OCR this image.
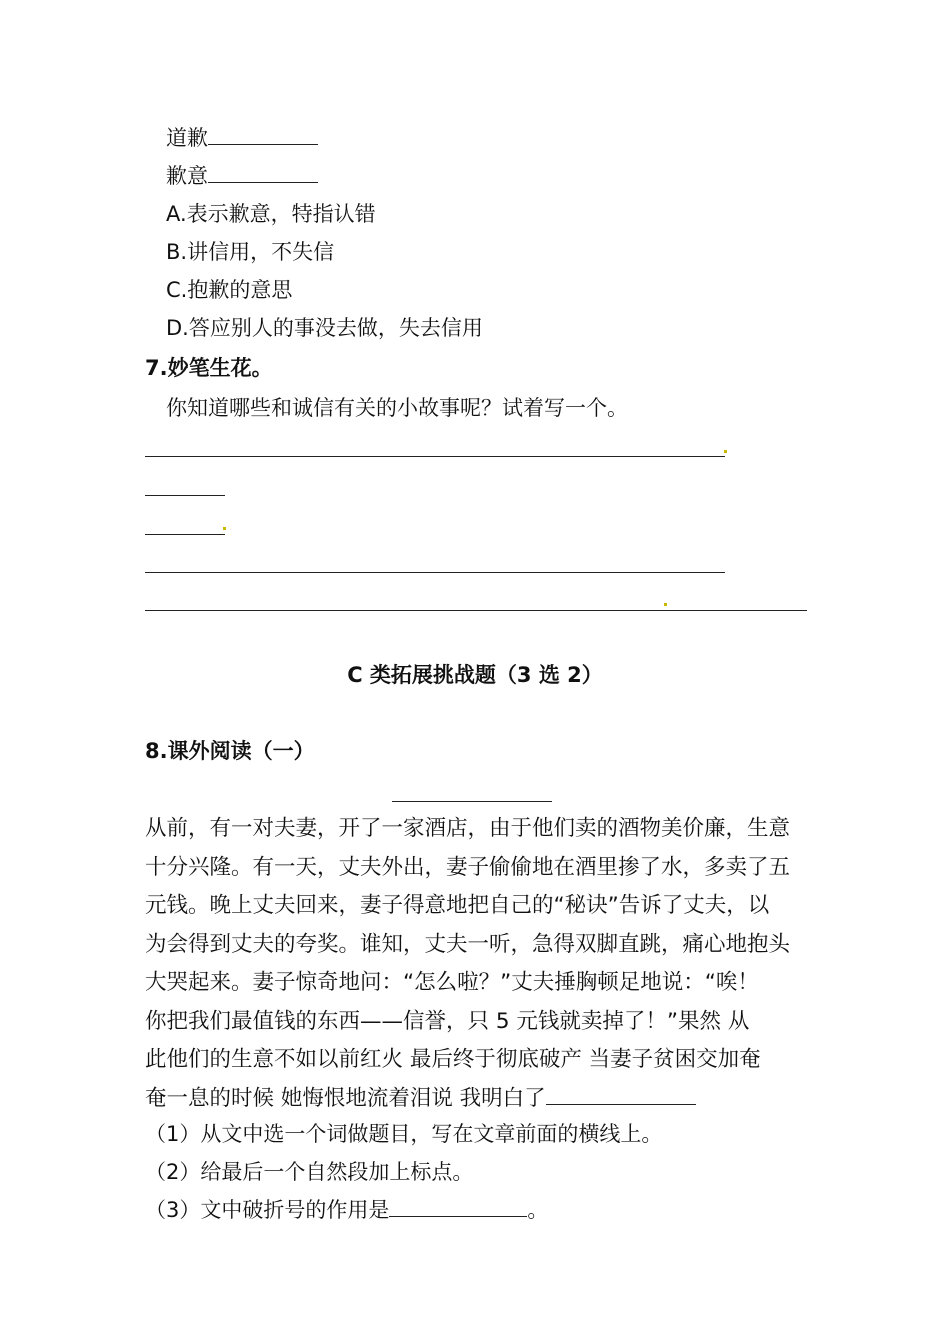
道歉
歉意
A.表示歉意，特指认错
B.讲信用，不失信
C.抱歉的意思
D.答应别人的事没去做，失去信用
7.妙笔生花。
你知道哪些和诚信有关的小故事呢？试着写一个。
C 类拓展挑战题（3 选 2）
8.课外阅读（一）
从前，有一对夫妻，开了一家酒店，由于他们卖的酒物美价廉，生意
十分兴隆。有一天，丈夫外出，妻子偷偷地在酒里掺了水，多卖了五
元钱。晚上丈夫回来，妻子得意地把自己的“秘诀”告诉了丈夫，以
为会得到丈夫的夸奖。谁知，丈夫一听，急得双脚直跳，痛心地抱头
大哭起来。妻子惊奇地问：“怎么啦？”丈夫捶胸顿足地说：“唉！
你把我们最值钱的东西——信誉，只 5 元钱就卖掉了！”果然 从
此他们的生意不如以前红火 最后终于彻底破产 当妻子贫困交加奄
奄一息的时候 她悔恨地流着泪说 我明白了
（1）从文中选一个词做题目，写在文章前面的横线上。
（2）给最后一个自然段加上标点。
（3）文中破折号的作用是	。
